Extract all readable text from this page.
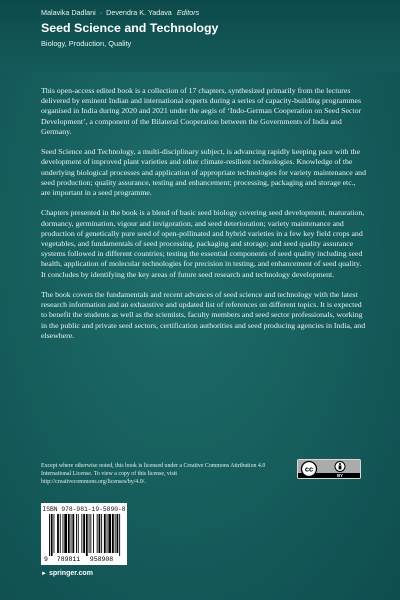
Malavika Dadlani · Devendra K. Yadava Editors
Seed Science and Technology
Biology, Production, Quality

This open-access edited book is a collection of 17 chapters, synthesized primarily from the lectures delivered by eminent Indian and international experts during a series of capacity-building programmes organised in India during 2020 and 2021 under the aegis of ‘Indo-German Cooperation on Seed Sector Development’, a component of the Bilateral Cooperation between the Governments of India and Germany.

Seed Science and Technology, a multi-disciplinary subject, is advancing rapidly keeping pace with the development of improved plant varieties and other climate-resilient technologies. Knowledge of the underlying biological processes and application of appropriate technologies for variety maintenance and seed production; quality assurance, testing and enhancement; processing, packaging and storage etc., are important in a seed programme.

Chapters presented in the book is a blend of basic seed biology covering seed development, maturation, dormancy, germination, vigour and invigoration, and seed deterioration; variety maintenance and production of genetically pure seed of open-pollinated and hybrid varieties in a few key field crops and vegetables, and fundamentals of seed processing, packaging and storage; and seed quality assurance systems followed in different countries; testing the essential components of seed quality including seed health, application of molecular technologies for precision in testing, and enhancement of seed quality. It concludes by identifying the key areas of future seed research and technology development.

The book covers the fundamentals and recent advances of seed science and technology with the latest research information and an exhaustive and updated list of references on different topics. It is expected to benefit the students as well as the scientists, faculty members and seed sector professionals, working in the public and private seed sectors, certification authorities and seed producing agencies in India, and elsewhere.

Except where otherwise noted, this book is licensed under a Creative Commons Attribution 4.0 International License. To view a copy of this license, visit http://creativecommons.org/licenses/by/4.0/.
cc
BY
ISBN 978-981-19-5890-8
9 789811 958908
► springer.com
